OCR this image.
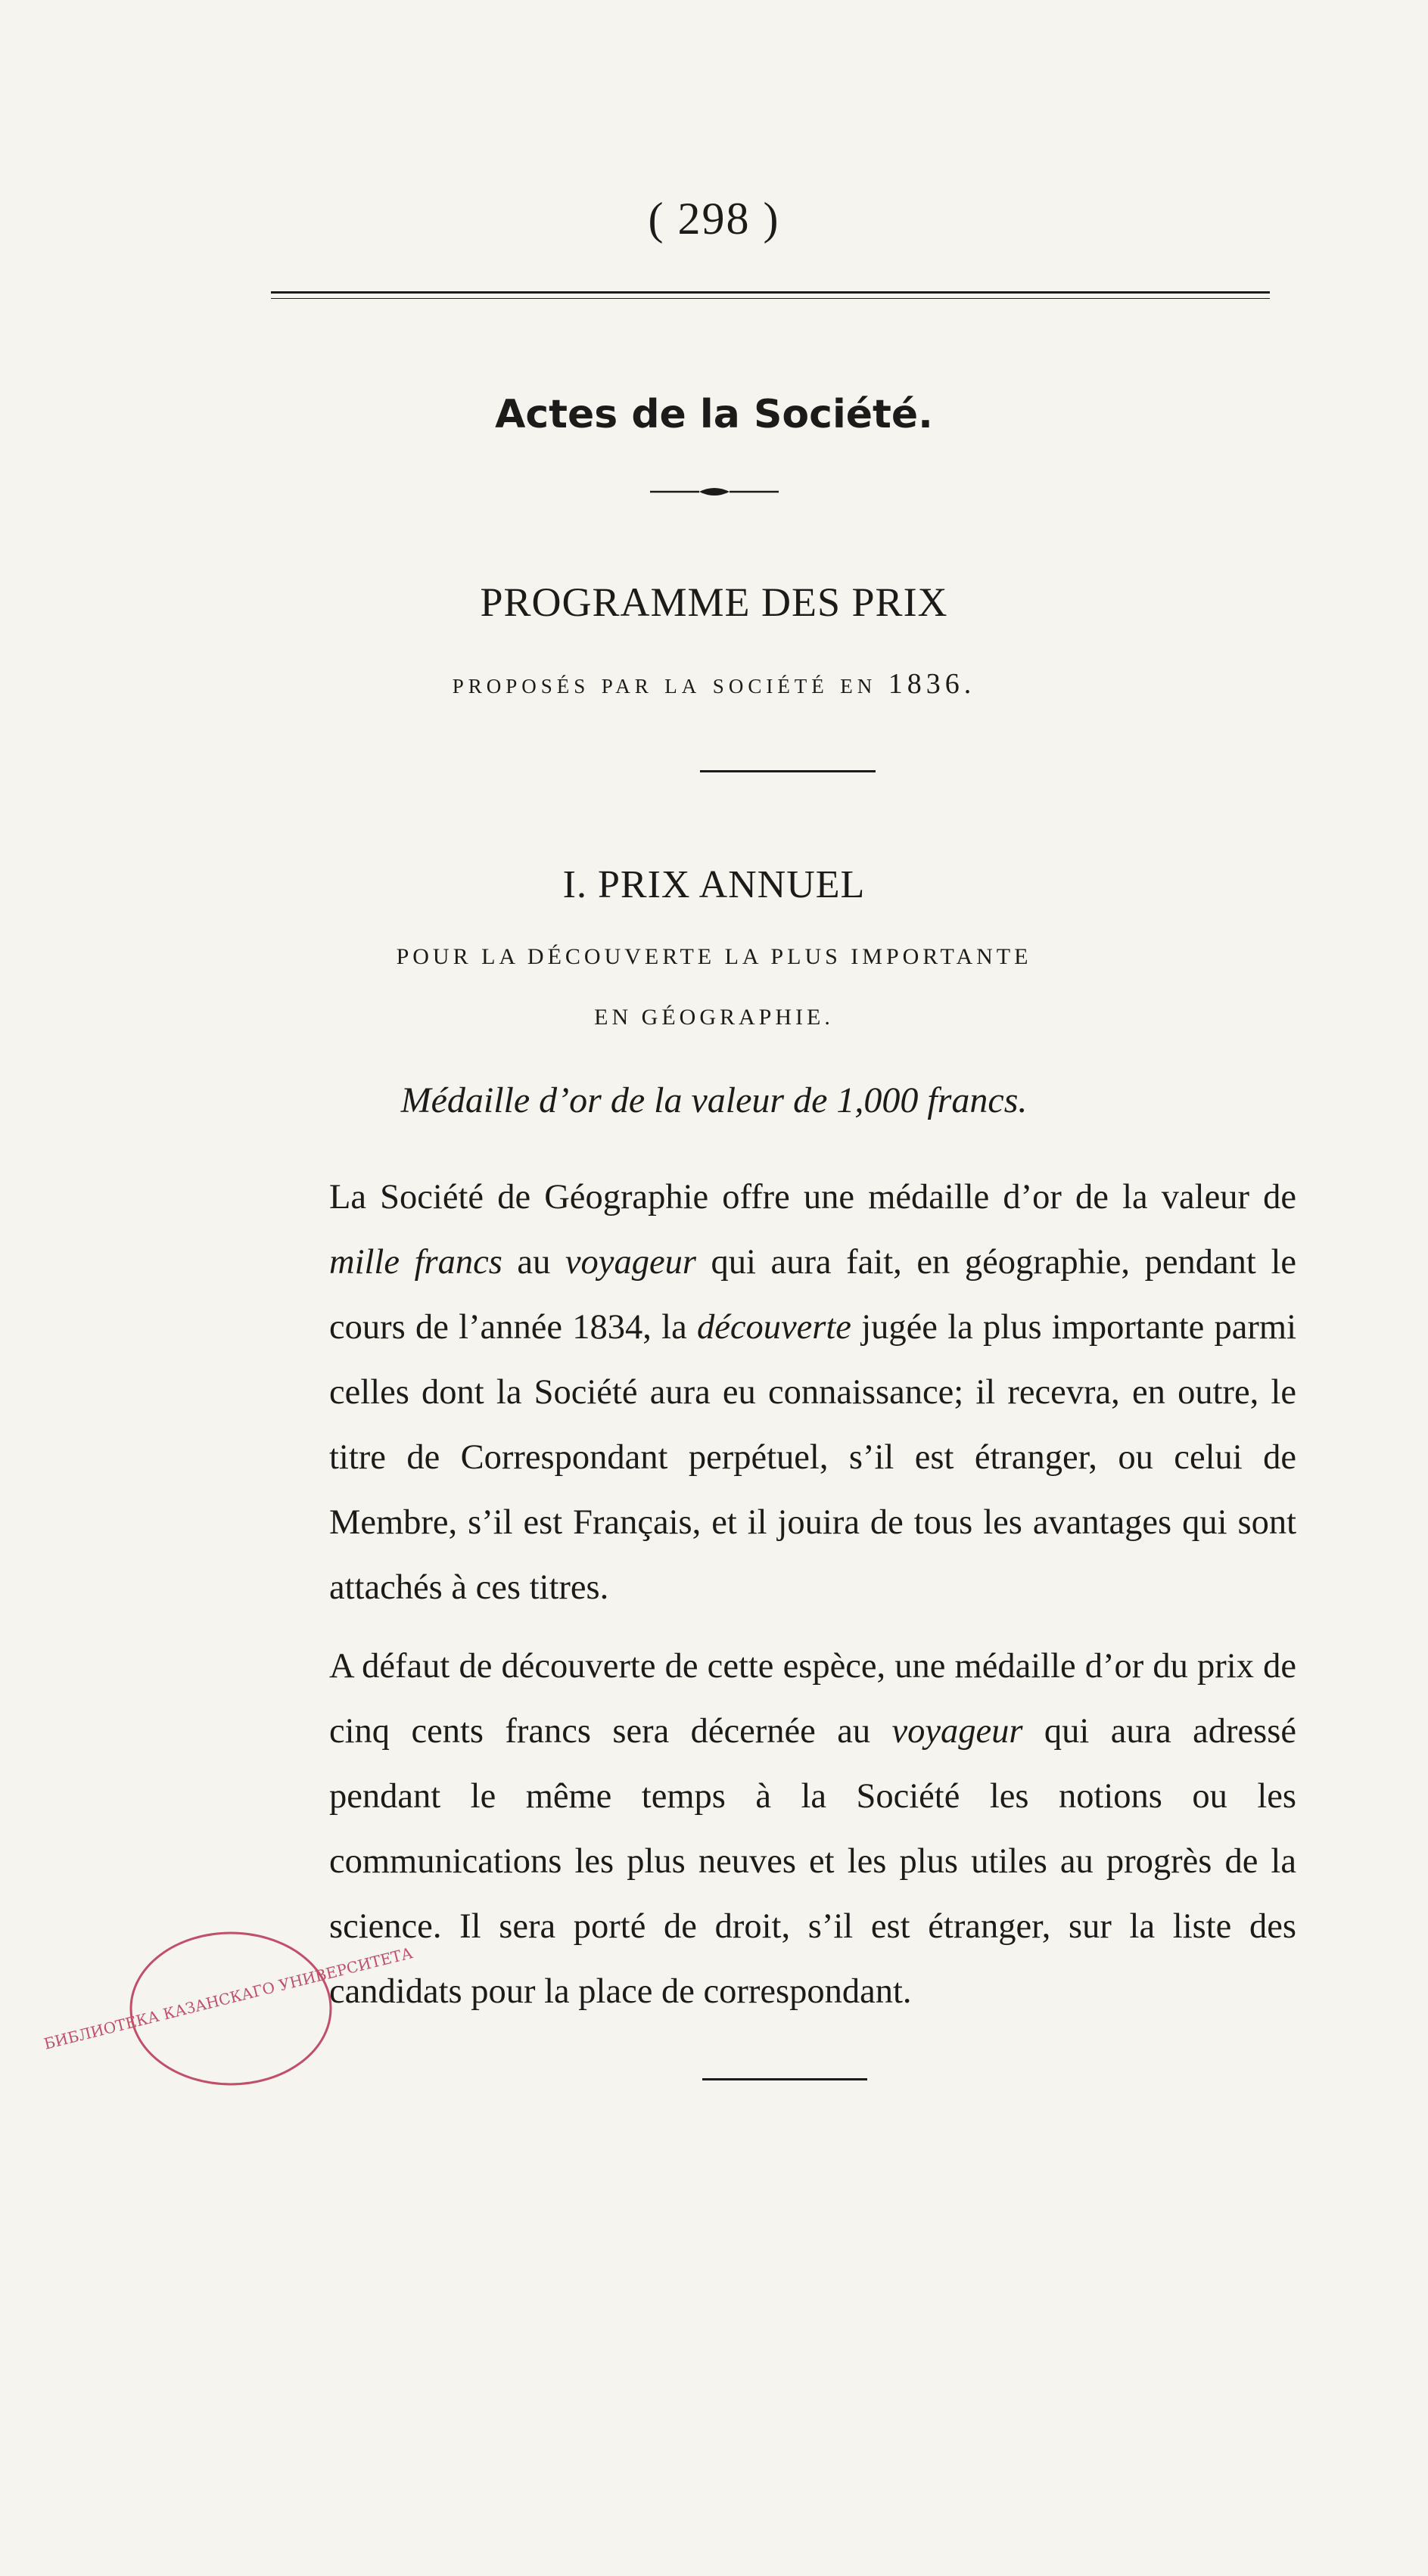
( 298 )
Actes de la Société.
PROGRAMME DES PRIX
proposés par la société en 1836.
I. PRIX ANNUEL
POUR LA DÉCOUVERTE LA PLUS IMPORTANTE
EN GÉOGRAPHIE.
Médaille d’or de la valeur de 1,000 francs.

La Société de Géographie offre une médaille d’or de la valeur de mille francs au voyageur qui aura fait, en géographie, pendant le cours de l’année 1834, la découverte jugée la plus importante parmi celles dont la Société aura eu connaissance; il recevra, en outre, le titre de Correspondant perpétuel, s’il est étranger, ou celui de Membre, s’il est Français, et il jouira de tous les avantages qui sont attachés à ces titres.

A défaut de découverte de cette espèce, une médaille d’or du prix de cinq cents francs sera décernée au voyageur qui aura adressé pendant le même temps à la Société les notions ou les communications les plus neuves et les plus utiles au progrès de la science. Il sera porté de droit, s’il est étranger, sur la liste des candidats pour la place de correspondant.

БИБЛИОТЕКА КАЗАНСКАГО УНИВЕРСИТЕТА
